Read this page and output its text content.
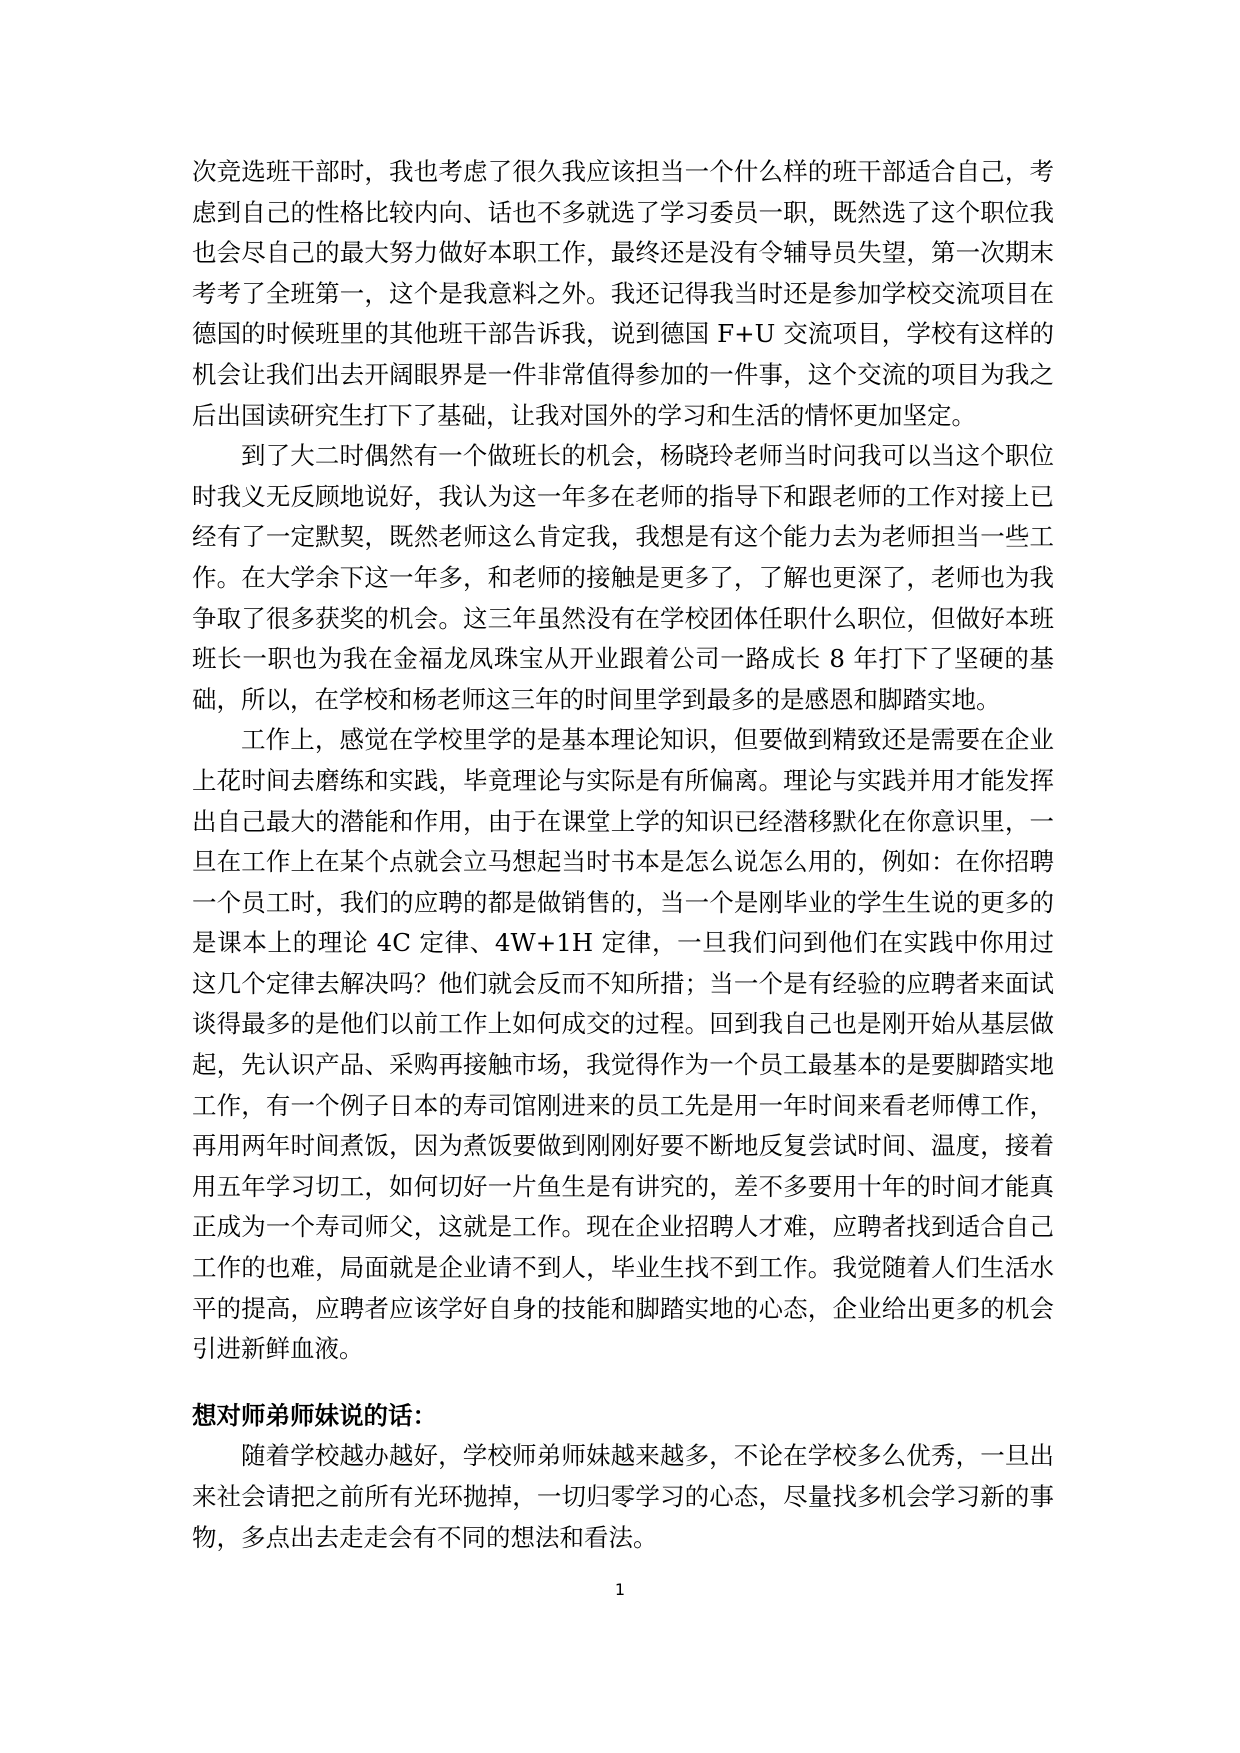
次竞选班干部时，我也考虑了很久我应该担当一个什么样的班干部适合自己，考虑到自己的性格比较内向、话也不多就选了学习委员一职，既然选了这个职位我也会尽自己的最大努力做好本职工作，最终还是没有令辅导员失望，第一次期末考考了全班第一，这个是我意料之外。我还记得我当时还是参加学校交流项目在德国的时候班里的其他班干部告诉我，说到德国 F+U 交流项目，学校有这样的机会让我们出去开阔眼界是一件非常值得参加的一件事，这个交流的项目为我之后出国读研究生打下了基础，让我对国外的学习和生活的情怀更加坚定。

到了大二时偶然有一个做班长的机会，杨晓玲老师当时问我可以当这个职位时我义无反顾地说好，我认为这一年多在老师的指导下和跟老师的工作对接上已经有了一定默契，既然老师这么肯定我，我想是有这个能力去为老师担当一些工作。在大学余下这一年多，和老师的接触是更多了，了解也更深了，老师也为我争取了很多获奖的机会。这三年虽然没有在学校团体任职什么职位，但做好本班班长一职也为我在金福龙凤珠宝从开业跟着公司一路成长 8 年打下了坚硬的基础，所以，在学校和杨老师这三年的时间里学到最多的是感恩和脚踏实地。

工作上，感觉在学校里学的是基本理论知识，但要做到精致还是需要在企业上花时间去磨练和实践，毕竟理论与实际是有所偏离。理论与实践并用才能发挥出自己最大的潜能和作用，由于在课堂上学的知识已经潜移默化在你意识里，一旦在工作上在某个点就会立马想起当时书本是怎么说怎么用的，例如：在你招聘一个员工时，我们的应聘的都是做销售的，当一个是刚毕业的学生生说的更多的是课本上的理论 4C 定律、4W+1H 定律，一旦我们问到他们在实践中你用过这几个定律去解决吗？他们就会反而不知所措；当一个是有经验的应聘者来面试谈得最多的是他们以前工作上如何成交的过程。回到我自己也是刚开始从基层做起，先认识产品、采购再接触市场，我觉得作为一个员工最基本的是要脚踏实地工作，有一个例子日本的寿司馆刚进来的员工先是用一年时间来看老师傅工作，再用两年时间煮饭，因为煮饭要做到刚刚好要不断地反复尝试时间、温度，接着用五年学习切工，如何切好一片鱼生是有讲究的，差不多要用十年的时间才能真正成为一个寿司师父，这就是工作。现在企业招聘人才难，应聘者找到适合自己工作的也难，局面就是企业请不到人，毕业生找不到工作。我觉随着人们生活水平的提高，应聘者应该学好自身的技能和脚踏实地的心态，企业给出更多的机会引进新鲜血液。

想对师弟师妹说的话：

随着学校越办越好，学校师弟师妹越来越多，不论在学校多么优秀，一旦出来社会请把之前所有光环抛掉，一切归零学习的心态，尽量找多机会学习新的事物，多点出去走走会有不同的想法和看法。

1
